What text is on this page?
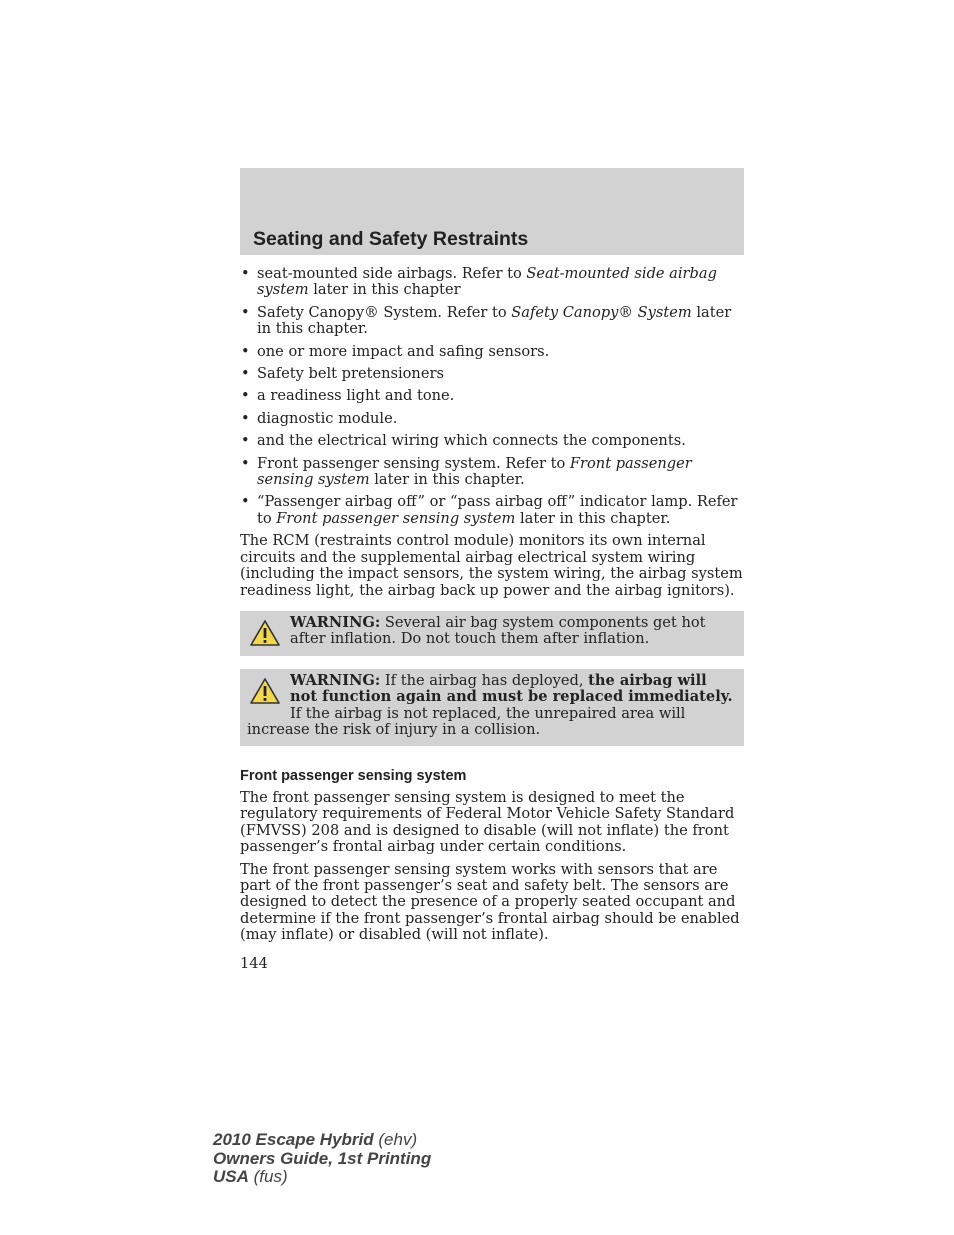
Seating and Safety Restraints
• seat-mounted side airbags. Refer to Seat-mounted side airbag system later in this chapter
• Safety Canopy® System. Refer to Safety Canopy® System later in this chapter.
• one or more impact and safing sensors.
• Safety belt pretensioners
• a readiness light and tone.
• diagnostic module.
• and the electrical wiring which connects the components.
• Front passenger sensing system. Refer to Front passenger sensing system later in this chapter.
• “Passenger airbag off” or “pass airbag off” indicator lamp. Refer to Front passenger sensing system later in this chapter.

The RCM (restraints control module) monitors its own internal circuits and the supplemental airbag electrical system wiring (including the impact sensors, the system wiring, the airbag system readiness light, the airbag back up power and the airbag ignitors).

WARNING: Several air bag system components get hot after inflation. Do not touch them after inflation.
WARNING: If the airbag has deployed, the airbag will not function again and must be replaced immediately. If the airbag is not replaced, the unrepaired area will increase the risk of injury in a collision.
Front passenger sensing system

The front passenger sensing system is designed to meet the regulatory requirements of Federal Motor Vehicle Safety Standard (FMVSS) 208 and is designed to disable (will not inflate) the front passenger’s frontal airbag under certain conditions.

The front passenger sensing system works with sensors that are part of the front passenger’s seat and safety belt. The sensors are designed to detect the presence of a properly seated occupant and determine if the front passenger’s frontal airbag should be enabled (may inflate) or disabled (will not inflate).

144
2010 Escape Hybrid (ehv)
Owners Guide, 1st Printing
USA (fus)
